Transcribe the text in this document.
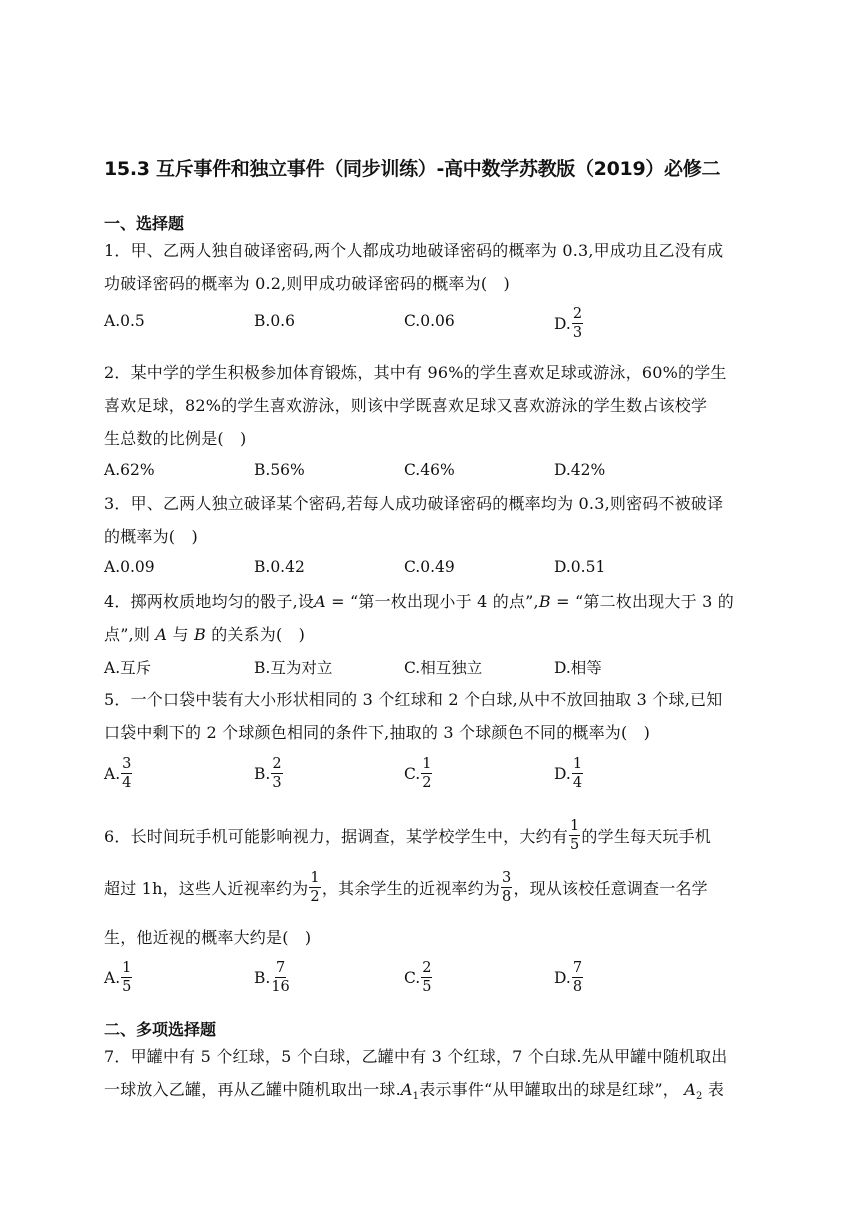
15.3 互斥事件和独立事件（同步训练）-高中数学苏教版（2019）必修二
一、选择题
1．甲、乙两人独自破译密码,两个人都成功地破译密码的概率为 0.3,甲成功且乙没有成
功破译密码的概率为 0.2,则甲成功破译密码的概率为(　)
A.0.5	B.0.6	C.0.06	D. $\frac{2}{3}$
2．某中学的学生积极参加体育锻炼，其中有 96%的学生喜欢足球或游泳，60%的学生
喜欢足球，82%的学生喜欢游泳，则该中学既喜欢足球又喜欢游泳的学生数占该校学
生总数的比例是(　)
A.62%	B.56%	C.46%	D.42%
3．甲、乙两人独立破译某个密码,若每人成功破译密码的概率均为 0.3,则密码不被破译
的概率为(　)
A.0.09	B.0.42	C.0.49	D.0.51
4．掷两枚质地均匀的骰子,设A = “第一枚出现小于 4 的点”,B = “第二枚出现大于 3 的
点”,则 A 与 B 的关系为(　)
A.互斥	B.互为对立	C.相互独立	D.相等
5．一个口袋中装有大小形状相同的 3 个红球和 2 个白球,从中不放回抽取 3 个球,已知
口袋中剩下的 2 个球颜色相同的条件下,抽取的 3 个球颜色不同的概率为(　)
A. $\frac{3}{4}$	B. $\frac{2}{3}$	C. $\frac{1}{2}$	D. $\frac{1}{4}$
6．长时间玩手机可能影响视力，据调查，某学校学生中，大约有 $\frac{1}{5}$ 的学生每天玩手机
超过 1h，这些人近视率约为 $\frac{1}{2}$ ，其余学生的近视率约为 $\frac{3}{8}$ ，现从该校任意调查一名学
生，他近视的概率大约是(　)
A. $\frac{1}{5}$	B. $\frac{7}{16}$	C. $\frac{2}{5}$	D. $\frac{7}{8}$
二、多项选择题
7．甲罐中有 5 个红球，5 个白球，乙罐中有 3 个红球，7 个白球.先从甲罐中随机取出
一球放入乙罐，再从乙罐中随机取出一球$.A_1$表示事件“从甲罐取出的球是红球”， $A_2$ 表
